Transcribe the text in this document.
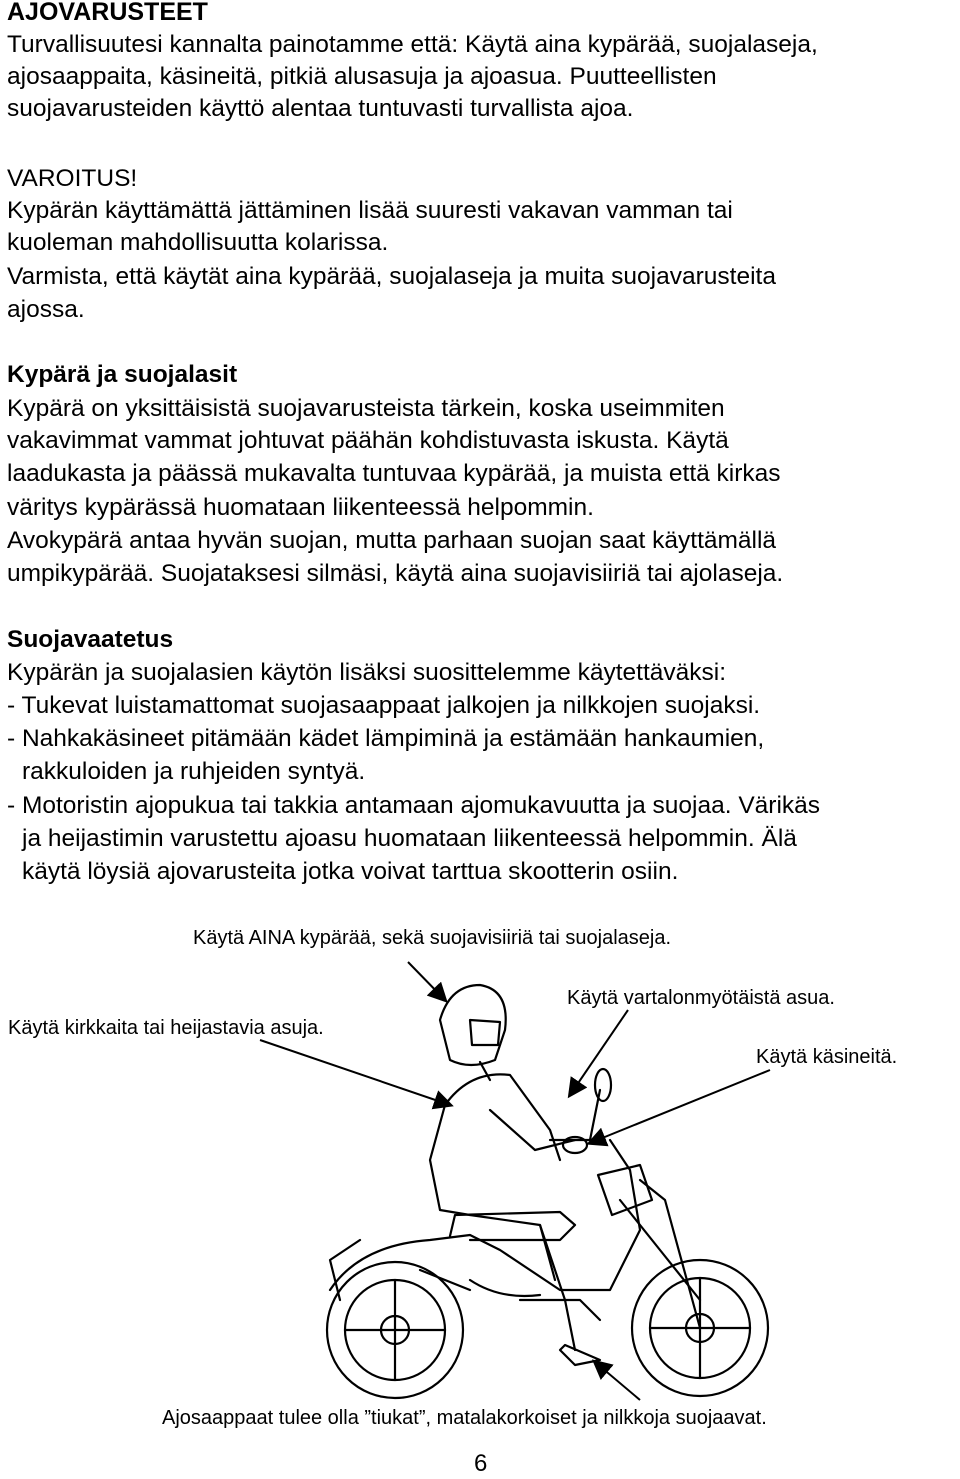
AJOVARUSTEET
Turvallisuutesi kannalta painotamme että: Käytä aina kypärää, suojalaseja,
ajosaappaita, käsineitä, pitkiä alusasuja ja ajoasua. Puutteellisten
suojavarusteiden käyttö alentaa tuntuvasti turvallista ajoa.
VAROITUS!
Kypärän käyttämättä jättäminen lisää suuresti vakavan vamman tai
kuoleman mahdollisuutta kolarissa.
Varmista, että käytät aina kypärää, suojalaseja ja muita suojavarusteita
ajossa.
Kypärä ja suojalasit
Kypärä on yksittäisistä suojavarusteista tärkein, koska useimmiten
vakavimmat vammat johtuvat päähän kohdistuvasta iskusta. Käytä
laadukasta ja päässä mukavalta tuntuvaa kypärää, ja muista että kirkas
väritys kypärässä huomataan liikenteessä helpommin.
Avokypärä antaa hyvän suojan, mutta parhaan suojan saat käyttämällä
umpikypärää. Suojataksesi silmäsi, käytä aina suojavisiiriä tai ajolaseja.
Suojavaatetus
Kypärän ja suojalasien käytön lisäksi suosittelemme käytettäväksi:
- Tukevat luistamattomat suojasaappaat jalkojen ja nilkkojen suojaksi.
- Nahkakäsineet pitämään kädet lämpiminä ja estämään hankaumien,
rakkuloiden ja ruhjeiden syntyä.
- Motoristin ajopukua tai takkia antamaan ajomukavuutta ja suojaa. Värikäs
ja heijastimin varustettu ajoasu huomataan liikenteessä helpommin. Älä
käytä löysiä ajovarusteita jotka voivat tarttua skootterin osiin.
Käytä AINA kypärää, sekä suojavisiiriä tai suojalaseja.
Käytä kirkkaita tai heijastavia asuja.
Käytä vartalonmyötäistä asua.
Käytä käsineitä.
Ajosaappaat tulee olla ”tiukat”, matalakorkoiset ja nilkkoja suojaavat.
6
